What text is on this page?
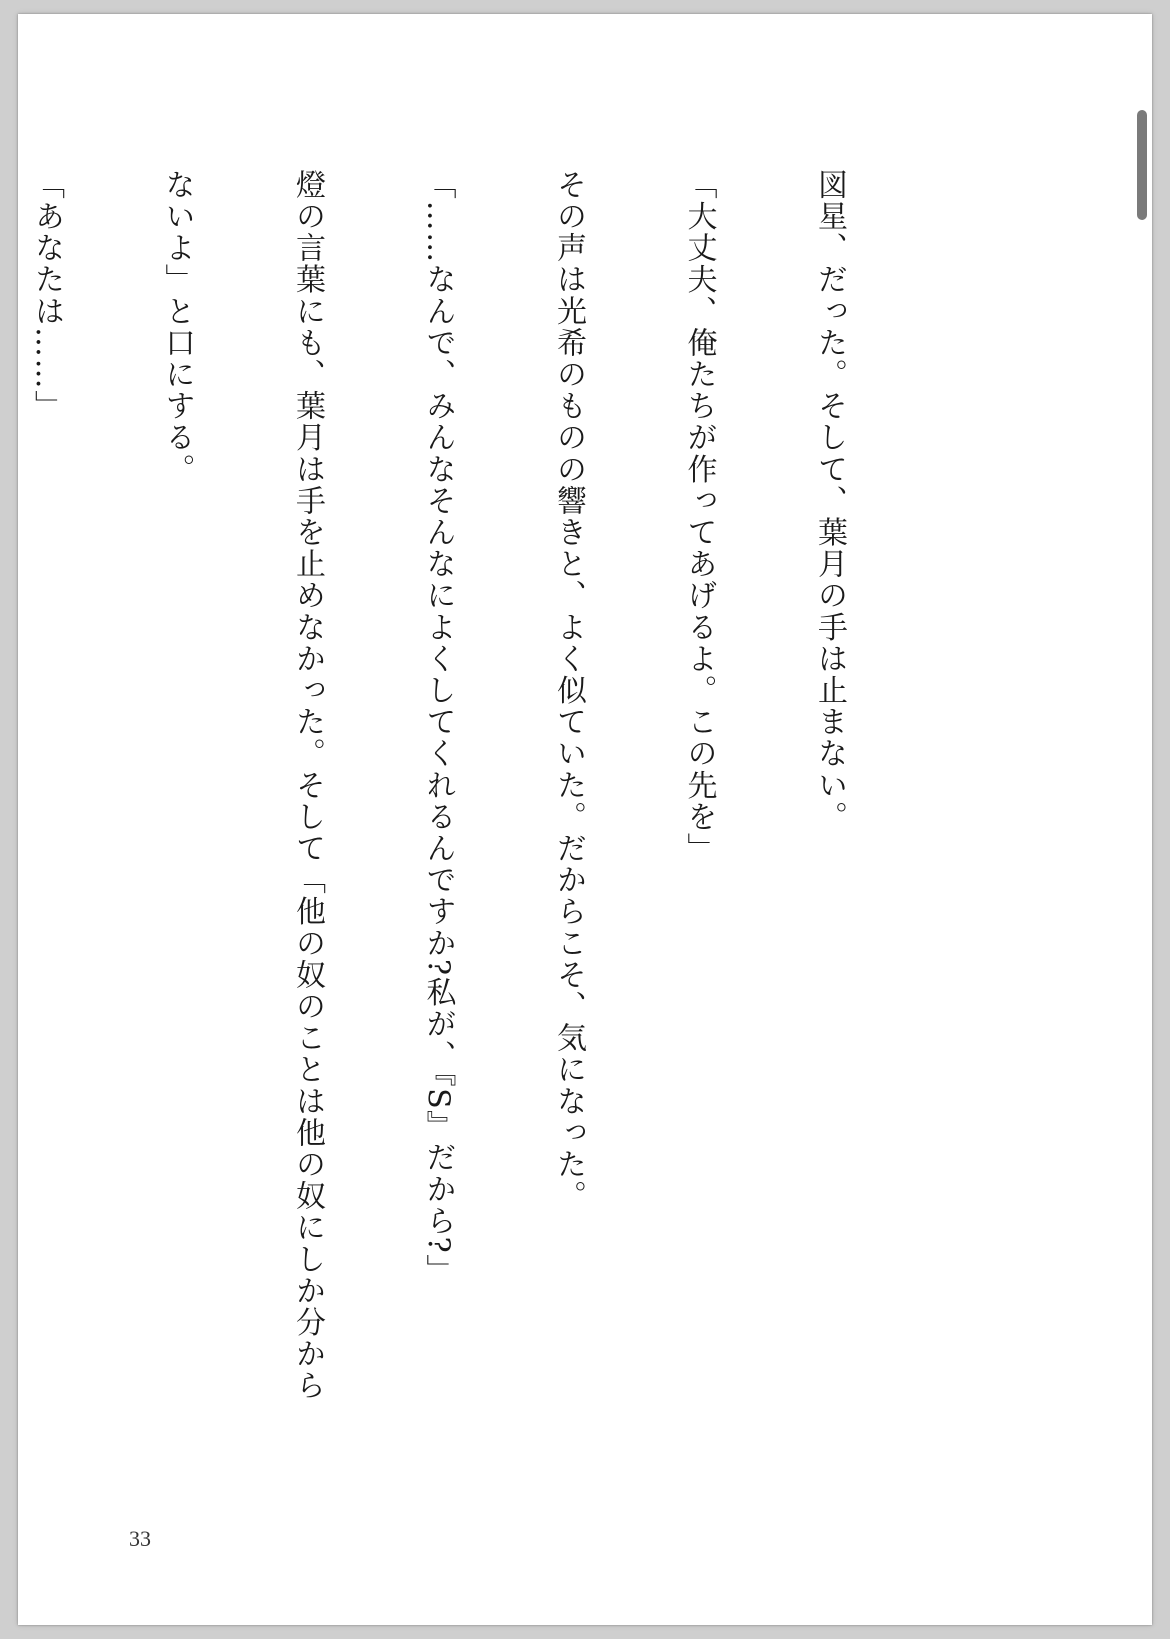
図星、だった。そして、葉月の手は止まない。

「大丈夫、俺たちが作ってあげるよ。この先を」

その声は光希のものの響きと、よく似ていた。だからこそ、気になった。

「……なんで、みんなそんなによくしてくれるんですか?私が、『S』だから?」

燈の言葉にも、葉月は手を止めなかった。そして「他の奴のことは他の奴にしか分から

ないよ」と口にする。

「あなたは……」

33
